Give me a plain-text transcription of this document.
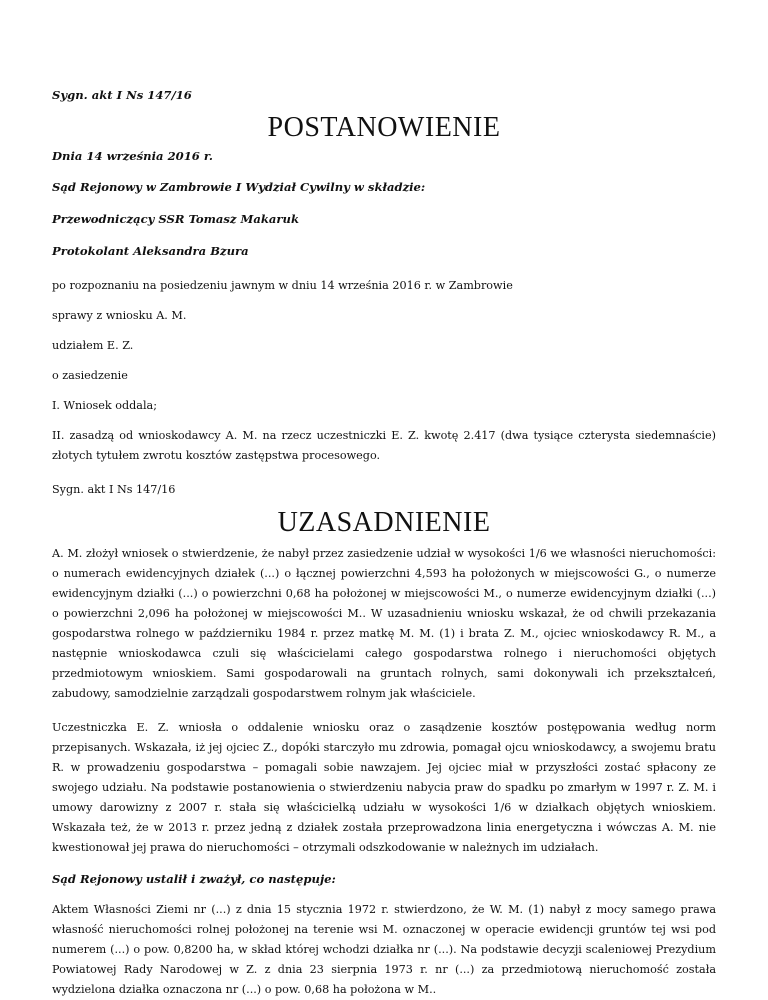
Sygn. akt I Ns 147/16

POSTANOWIENIE

Dnia 14 września 2016 r.

Sąd Rejonowy w Zambrowie I Wydział Cywilny w składzie:

Przewodniczący SSR Tomasz Makaruk

Protokolant Aleksandra Bzura

po rozpoznaniu na posiedzeniu jawnym w dniu 14 września 2016 r. w Zambrowie

sprawy z wniosku A. M.

udziałem E. Z.

o zasiedzenie

I. Wniosek oddala;

II. zasadzą od wnioskodawcy A. M. na rzecz uczestniczki E. Z. kwotę 2.417 (dwa tysiące czterysta siedemnaście) złotych tytułem zwrotu kosztów zastępstwa procesowego.

Sygn. akt I Ns 147/16

UZASADNIENIE

A. M. złożył wniosek o stwierdzenie, że nabył przez zasiedzenie udział w wysokości 1/6 we własności nieruchomości: o numerach ewidencyjnych działek (...) o łącznej powierzchni 4,593 ha położonych w miejscowości G., o numerze ewidencyjnym działki (...) o powierzchni 0,68 ha położonej w miejscowości M., o numerze ewidencyjnym działki (...) o powierzchni 2,096 ha położonej w miejscowości M.. W uzasadnieniu wniosku wskazał, że od chwili przekazania gospodarstwa rolnego w październiku 1984 r. przez matkę M. M. (1) i brata Z. M., ojciec wnioskodawcy R. M., a następnie wnioskodawca czuli się właścicielami całego gospodarstwa rolnego i nieruchomości objętych przedmiotowym wnioskiem. Sami gospodarowali na gruntach rolnych, sami dokonywali ich przekształceń, zabudowy, samodzielnie zarządzali gospodarstwem rolnym jak właściciele.

Uczestniczka E. Z. wniosła o oddalenie wniosku oraz o zasądzenie kosztów postępowania według norm przepisanych. Wskazała, iż jej ojciec Z., dopóki starczyło mu zdrowia, pomagał ojcu wnioskodawcy, a swojemu bratu R. w prowadzeniu gospodarstwa – pomagali sobie nawzajem. Jej ojciec miał w przyszłości zostać spłacony ze swojego udziału. Na podstawie postanowienia o stwierdzeniu nabycia praw do spadku po zmarłym w 1997 r. Z. M. i umowy darowizny z 2007 r. stała się właścicielką udziału w wysokości 1/6 w działkach objętych wnioskiem. Wskazała też, że w 2013 r. przez jedną z działek została przeprowadzona linia energetyczna i wówczas A. M. nie kwestionował jej prawa do nieruchomości – otrzymali odszkodowanie w należnych im udziałach.

Sąd Rejonowy ustalił i zważył, co następuje:

Aktem Własności Ziemi nr (...) z dnia 15 stycznia 1972 r. stwierdzono, że W. M. (1) nabył z mocy samego prawa własność nieruchomości rolnej położonej na terenie wsi M. oznaczonej w operacie ewidencji gruntów tej wsi pod numerem (...) o pow. 0,8200 ha, w skład której wchodzi działka nr (...). Na podstawie decyzji scaleniowej Prezydium Powiatowej Rady Narodowej w Z. z dnia 23 sierpnia 1973 r. nr (...) za przedmiotową nieruchomość została wydzielona działka oznaczona nr (...) o pow. 0,68 ha położona w M..
